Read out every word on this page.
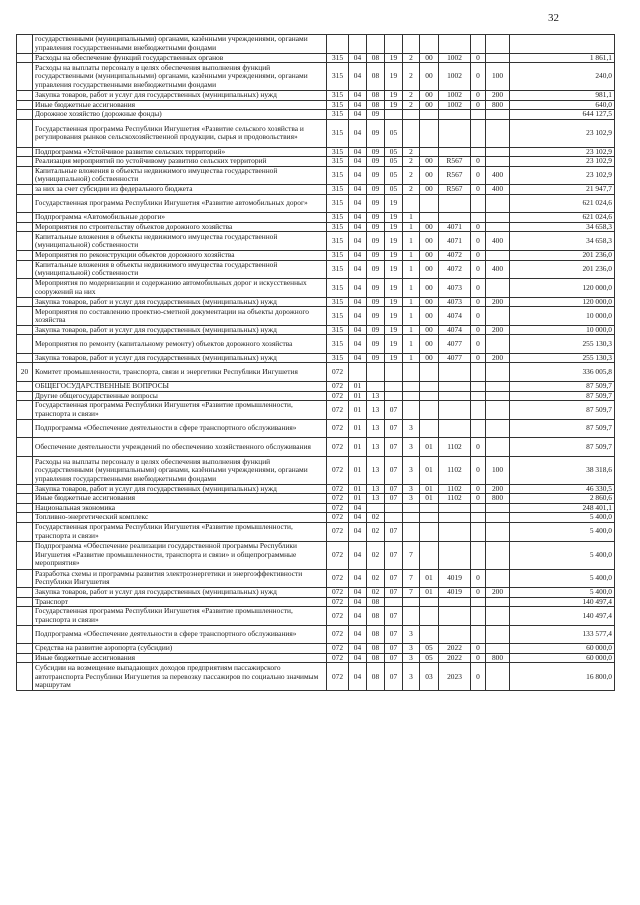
32
	государственными (муниципальными) органами, казёнными учреждениями, органами управления государственными внебюджетными фондами										
	Расходы на обеспечение функций государственных органов	315	04	08	19	2	00	1002	0		1 861,1
	Расходы на выплаты персоналу в целях обеспечения выполнения функций государственными (муниципальными) органами, казёнными учреждениями, органами управления государственными внебюджетными фондами	315	04	08	19	2	00	1002	0	100	240,0
	Закупка товаров, работ и услуг для государственных (муниципальных) нужд	315	04	08	19	2	00	1002	0	200	981,1
	Иные бюджетные ассигнования	315	04	08	19	2	00	1002	0	800	640,0
	Дорожное хозяйство (дорожные фонды)	315	04	09							644 127,5
	Государственная программа Республики Ингушетия «Развитие сельского хозяйства и регулирования рынков сельскохозяйственной продукции, сырья и продовольствия»	315	04	09	05						23 102,9
	Подпрограмма «Устойчивое развитие сельских территорий»	315	04	09	05	2					23 102,9
	Реализация мероприятий по устойчивому развитию сельских территорий	315	04	09	05	2	00	R567	0		23 102,9
	Капитальные вложения в объекты недвижимого имущества государственной (муниципальной) собственности	315	04	09	05	2	00	R567	0	400	23 102,9
	за них за счет субсидии из федерального бюджета	315	04	09	05	2	00	R567	0	400	21 947,7
	Государственная программа Республики Ингушетия «Развитие автомобильных дорог»	315	04	09	19						621 024,6
	Подпрограмма «Автомобильные дороги»	315	04	09	19	1					621 024,6
	Мероприятия по строительству объектов дорожного хозяйства	315	04	09	19	1	00	4071	0		34 658,3
	Капитальные вложения в объекты недвижимого имущества государственной (муниципальной) собственности	315	04	09	19	1	00	4071	0	400	34 658,3
	Мероприятия по реконструкции объектов дорожного хозяйства	315	04	09	19	1	00	4072	0		201 236,0
	Капитальные вложения в объекты недвижимого имущества государственной (муниципальной) собственности	315	04	09	19	1	00	4072	0	400	201 236,0
	Мероприятия по модернизации и содержанию автомобильных дорог и искусственных сооружений на них	315	04	09	19	1	00	4073	0		120 000,0
	Закупка товаров, работ и услуг для государственных (муниципальных) нужд	315	04	09	19	1	00	4073	0	200	120 000,0
	Мероприятия по составлению проектно-сметной документации на объекты дорожного хозяйства	315	04	09	19	1	00	4074	0		10 000,0
	Закупка товаров, работ и услуг для государственных (муниципальных) нужд	315	04	09	19	1	00	4074	0	200	10 000,0
	Мероприятия по ремонту (капитальному ремонту) объектов дорожного хозяйства	315	04	09	19	1	00	4077	0		255 130,3
	Закупка товаров, работ и услуг для государственных (муниципальных) нужд	315	04	09	19	1	00	4077	0	200	255 130,3
20	Комитет промышленности, транспорта, связи и энергетики Республики Ингушетия	072									336 005,8
	ОБЩЕГОСУДАРСТВЕННЫЕ ВОПРОСЫ	072	01								87 509,7
	Другие общегосударственные вопросы	072	01	13							87 509,7
	Государственная программа Республики Ингушетия «Развитие промышленности, транспорта и связи»	072	01	13	07						87 509,7
	Подпрограмма «Обеспечение деятельности в сфере транспортного обслуживания»	072	01	13	07	3					87 509,7
	Обеспечение деятельности учреждений по обеспечению хозяйственного обслуживания	072	01	13	07	3	01	1102	0		87 509,7
	Расходы на выплаты персоналу в целях обеспечения выполнения функций государственными (муниципальными) органами, казёнными учреждениями, органами управления государственными внебюджетными фондами	072	01	13	07	3	01	1102	0	100	38 318,6
	Закупка товаров, работ и услуг для государственных (муниципальных) нужд	072	01	13	07	3	01	1102	0	200	46 330,5
	Иные бюджетные ассигнования	072	01	13	07	3	01	1102	0	800	2 860,6
	Национальная экономика	072	04								248 401,1
	Топливно-энергетический комплекс	072	04	02							5 400,0
	Государственная программа Республики Ингушетия «Развитие промышленности, транспорта и связи»	072	04	02	07						5 400,0
	Подпрограмма «Обеспечение реализации государственной программы Республики Ингушетия «Развитие промышленности, транспорта и связи» и общепрограммные мероприятия»	072	04	02	07	7					5 400,0
	Разработка схемы и программы развития электроэнергетики и энергоэффективности Республики Ингушетия	072	04	02	07	7	01	4019	0		5 400,0
	Закупка товаров, работ и услуг для государственных (муниципальных) нужд	072	04	02	07	7	01	4019	0	200	5 400,0
	Транспорт	072	04	08							140 497,4
	Государственная программа Республики Ингушетия «Развитие промышленности, транспорта и связи»	072	04	08	07						140 497,4
	Подпрограмма «Обеспечение деятельности в сфере транспортного обслуживания»	072	04	08	07	3					133 577,4
	Средства на развитие аэропорта (субсидии)	072	04	08	07	3	05	2022	0		60 000,0
	Иные бюджетные ассигнования	072	04	08	07	3	05	2022	0	800	60 000,0
	Субсидии на возмещение выпадающих доходов предприятиям пассажирского автотранспорта Республики Ингушетия за перевозку пассажиров по социально значимым маршрутам	072	04	08	07	3	03	2023	0		16 800,0
